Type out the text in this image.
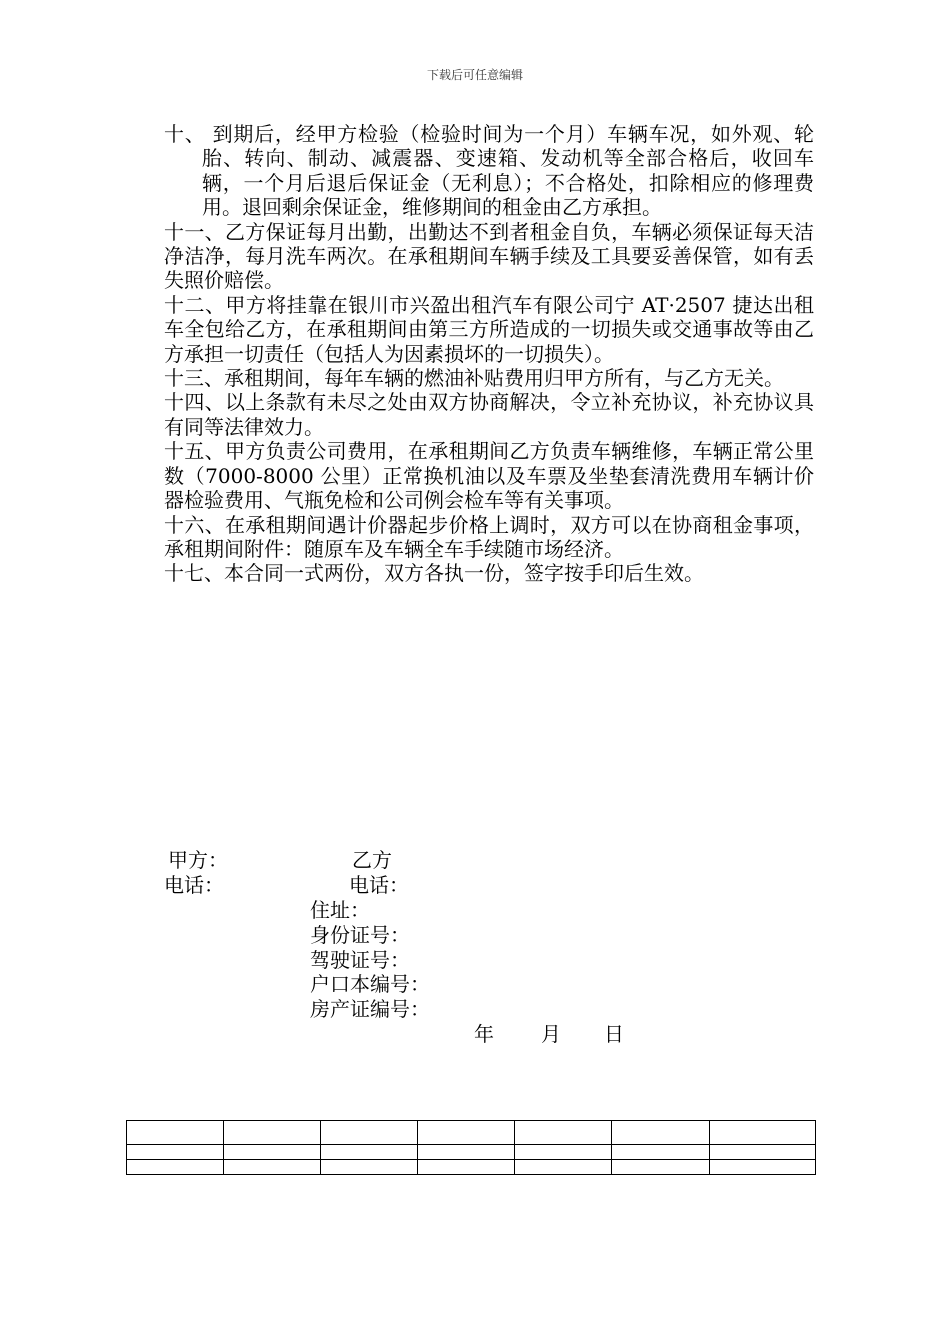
下载后可任意编辑

十、 到期后，经甲方检验（检验时间为一个月）车辆车况，如外观、轮胎、转向、制动、减震器、变速箱、发动机等全部合格后，收回车辆，一个月后退后保证金（无利息）；不合格处，扣除相应的修理费用。退回剩余保证金，维修期间的租金由乙方承担。

十一、乙方保证每月出勤，出勤达不到者租金自负，车辆必须保证每天洁净洁净，每月洗车两次。在承租期间车辆手续及工具要妥善保管，如有丢失照价赔偿。

十二、甲方将挂靠在银川市兴盈出租汽车有限公司宁 AT·2507 捷达出租车全包给乙方，在承租期间由第三方所造成的一切损失或交通事故等由乙方承担一切责任（包括人为因素损坏的一切损失）。

十三、承租期间，每年车辆的燃油补贴费用归甲方所有，与乙方无关。

十四、以上条款有未尽之处由双方协商解决，令立补充协议，补充协议具有同等法律效力。

十五、甲方负责公司费用，在承租期间乙方负责车辆维修，车辆正常公里数（7000-8000 公里）正常换机油以及车票及坐垫套清洗费用车辆计价器检验费用、气瓶免检和公司例会检车等有关事项。

十六、在承租期间遇计价器起步价格上调时，双方可以在协商租金事项，承租期间附件：随原车及车辆全车手续随市场经济。

十七、本合同一式两份，双方各执一份，签字按手印后生效。

甲方：	乙方
电话：	电话：
住址：
身份证号：
驾驶证号：
户口本编号：
房产证编号：
年 月 日
